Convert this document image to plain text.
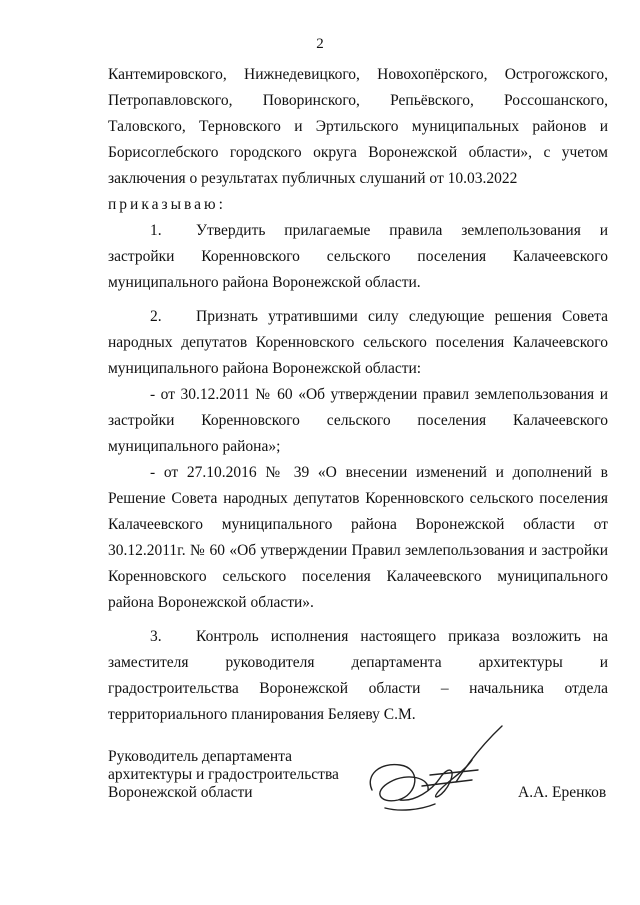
2

Кантемировского, Нижнедевицкого, Новохопёрского, Острогожского, Петропавловского, Поворинского, Репьёвского, Россошанского, Таловского, Терновского и Эртильского муниципальных районов и Борисоглебского городского округа Воронежской области», с учетом заключения о результатах публичных слушаний от 10.03.2022

приказываю:

1. Утвердить прилагаемые правила землепользования и застройки Коренновского сельского поселения Калачеевского муниципального района Воронежской области.

2. Признать утратившими силу следующие решения Совета народных депутатов Коренновского сельского поселения Калачеевского муниципального района Воронежской области:

- от 30.12.2011 № 60 «Об утверждении правил землепользования и застройки Коренновского сельского поселения Калачеевского муниципального района»;

- от 27.10.2016 № 39 «О внесении изменений и дополнений в Решение Совета народных депутатов Коренновского сельского поселения Калачеевского муниципального района Воронежской области от 30.12.2011г. № 60 «Об утверждении Правил землепользования и застройки Коренновского сельского поселения Калачеевского муниципального района Воронежской области».

3. Контроль исполнения настоящего приказа возложить на заместителя руководителя департамента архитектуры и градостроительства Воронежской области – начальника отдела территориального планирования Беляеву С.М.

Руководитель департамента
архитектуры и градостроительства
Воронежской области	А.А. Еренков
